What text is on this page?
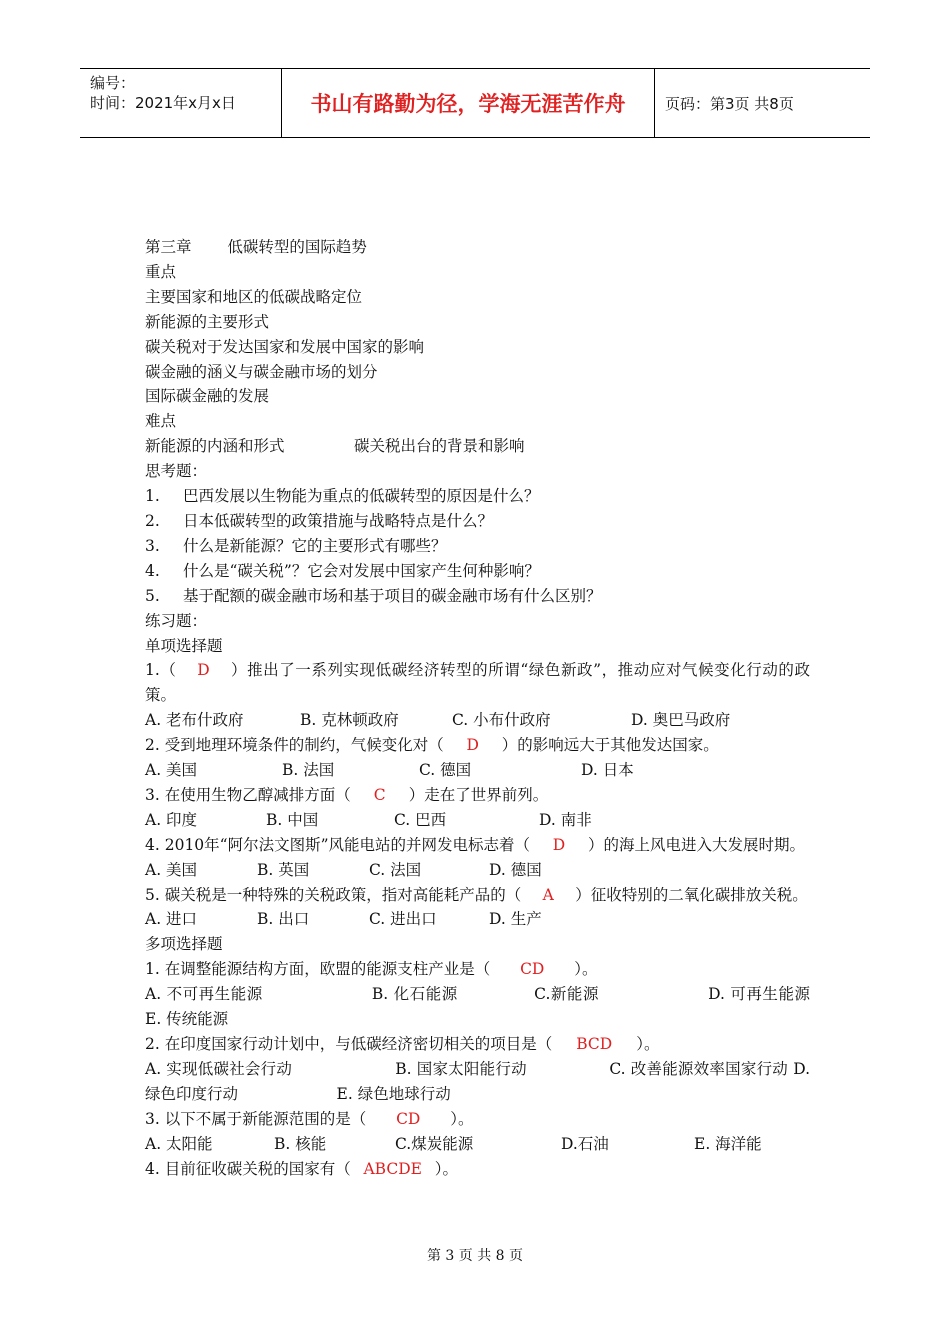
编号：
时间：2021年x月x日	书山有路勤为径，学海无涯苦作舟	页码：第3页 共8页
第三章 低碳转型的国际趋势
重点
主要国家和地区的低碳战略定位
新能源的主要形式
碳关税对于发达国家和发展中国家的影响
碳金融的涵义与碳金融市场的划分
国际碳金融的发展
难点
新能源的内涵和形式	碳关税出台的背景和影响
思考题：
1. 巴西发展以生物能为重点的低碳转型的原因是什么？
2. 日本低碳转型的政策措施与战略特点是什么？
3. 什么是新能源？它的主要形式有哪些？
4. 什么是“碳关税”？它会对发展中国家产生何种影响？
5. 基于配额的碳金融市场和基于项目的碳金融市场有什么区别？
练习题：
单项选择题
1.（ D ）推出了一系列实现低碳经济转型的所谓“绿色新政”，推动应对气候变化行动的政策。
A. 老布什政府	B. 克林顿政府	C. 小布什政府	D. 奥巴马政府
2. 受到地理环境条件的制约，气候变化对（ D ）的影响远大于其他发达国家。
A. 美国	B. 法国	C. 德国	D. 日本
3. 在使用生物乙醇减排方面（ C ）走在了世界前列。
A. 印度	B. 中国	C. 巴西	D. 南非
4. 2010年“阿尔法文图斯”风能电站的并网发电标志着（ D ）的海上风电进入大发展时期。
A. 美国	B. 英国	C. 法国	D. 德国
5. 碳关税是一种特殊的关税政策，指对高能耗产品的（ A ）征收特别的二氧化碳排放关税。
A. 进口	B. 出口	C. 进出口	D. 生产
多项选择题
1. 在调整能源结构方面，欧盟的能源支柱产业是（ CD ）。
A. 不可再生能源                    B. 化石能源              C.新能源                    D. 可再生能源          E. 传统能源
2. 在印度国家行动计划中，与低碳经济密切相关的项目是（ BCD ）。
A. 实现低碳社会行动                    B. 国家太阳能行动                C. 改善能源效率国家行动 D. 绿色印度行动                    E. 绿色地球行动
3. 以下不属于新能源范围的是（ CD ）。
A. 太阳能	B. 核能	C.煤炭能源	D.石油	E. 海洋能
4. 目前征收碳关税的国家有（ ABCDE ）。
第 3 页 共 8 页
